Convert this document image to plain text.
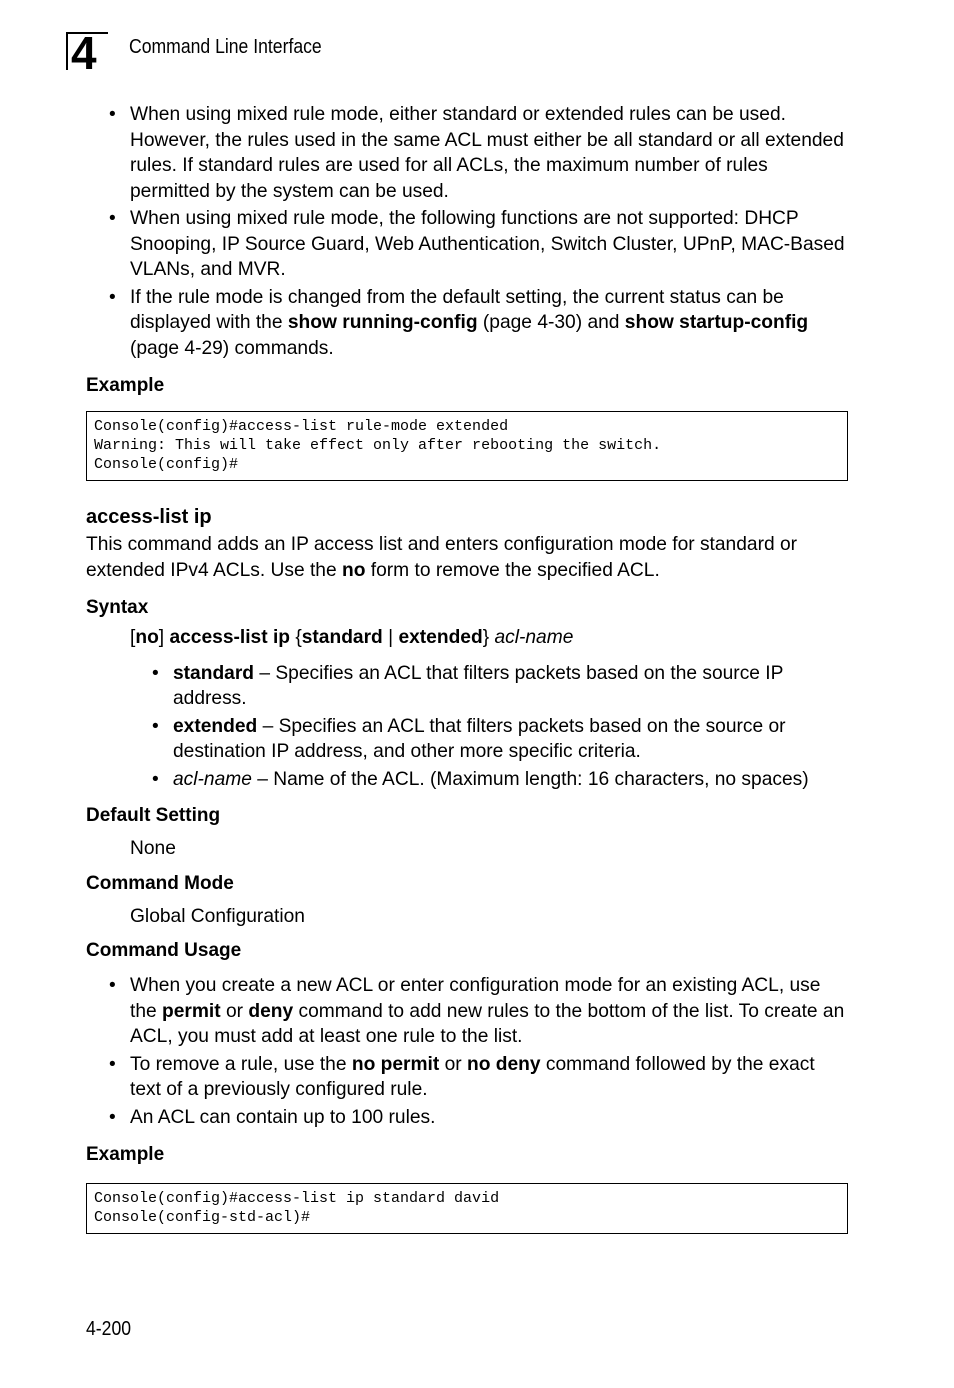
4	Command Line Interface
• When using mixed rule mode, either standard or extended rules can be used. However, the rules used in the same ACL must either be all standard or all extended rules. If standard rules are used for all ACLs, the maximum number of rules permitted by the system can be used.
• When using mixed rule mode, the following functions are not supported: DHCP Snooping, IP Source Guard, Web Authentication, Switch Cluster, UPnP, MAC-Based VLANs, and MVR.
• If the rule mode is changed from the default setting, the current status can be displayed with the show running-config (page 4-30) and show startup-config (page 4-29) commands.
Example
Console(config)#access-list rule-mode extended
Warning: This will take effect only after rebooting the switch.
Console(config)#
access-list ip

This command adds an IP access list and enters configuration mode for standard or extended IPv4 ACLs. Use the no form to remove the specified ACL.

Syntax

[no] access-list ip {standard | extended} acl-name

• standard – Specifies an ACL that filters packets based on the source IP address.
• extended – Specifies an ACL that filters packets based on the source or destination IP address, and other more specific criteria.
• acl-name – Name of the ACL. (Maximum length: 16 characters, no spaces)
Default Setting

None

Command Mode

Global Configuration

Command Usage
• When you create a new ACL or enter configuration mode for an existing ACL, use the permit or deny command to add new rules to the bottom of the list. To create an ACL, you must add at least one rule to the list.
• To remove a rule, use the no permit or no deny command followed by the exact text of a previously configured rule.
• An ACL can contain up to 100 rules.
Example
Console(config)#access-list ip standard david
Console(config-std-acl)#
4-200
